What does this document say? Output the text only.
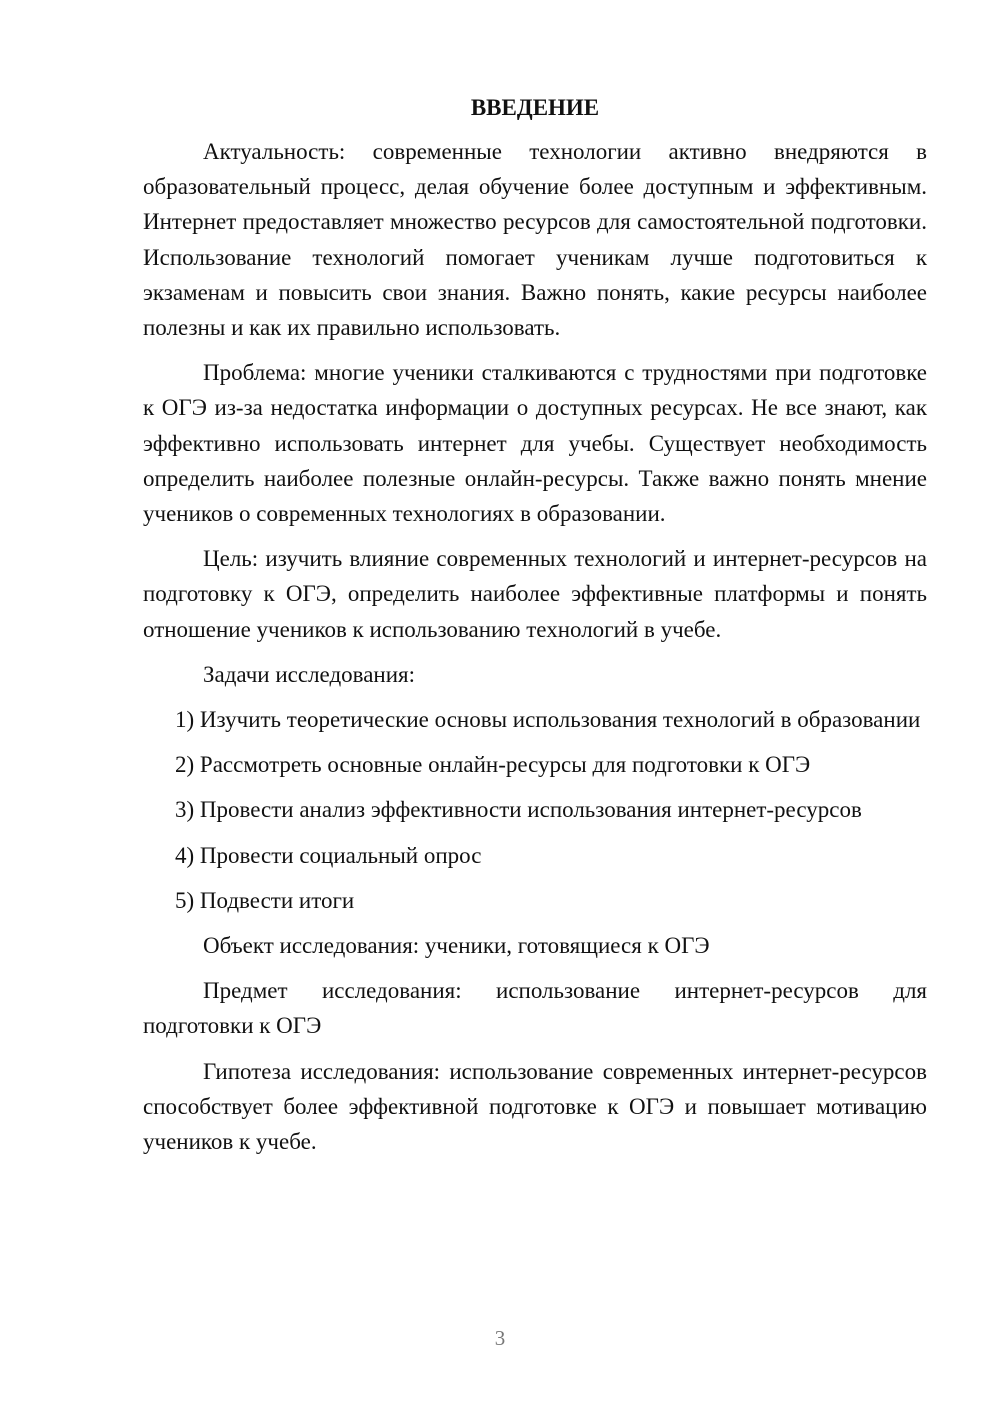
ВВЕДЕНИЕ

Актуальность: современные технологии активно внедряются в образовательный процесс, делая обучение более доступным и эффективным. Интернет предоставляет множество ресурсов для самостоятельной подготовки. Использование технологий помогает ученикам лучше подготовиться к экзаменам и повысить свои знания. Важно понять, какие ресурсы наиболее полезны и как их правильно использовать.

Проблема: многие ученики сталкиваются с трудностями при подготовке к ОГЭ из-за недостатка информации о доступных ресурсах. Не все знают, как эффективно использовать интернет для учебы. Существует необходимость определить наиболее полезные онлайн-ресурсы. Также важно понять мнение учеников о современных технологиях в образовании.

Цель: изучить влияние современных технологий и интернет-ресурсов на подготовку к ОГЭ, определить наиболее эффективные платформы и понять отношение учеников к использованию технологий в учебе.

Задачи исследования:

1) Изучить теоретические основы использования технологий в образовании

2) Рассмотреть основные онлайн-ресурсы для подготовки к ОГЭ

3) Провести анализ эффективности использования интернет-ресурсов

4) Провести социальный опрос

5) Подвести итоги

Объект исследования: ученики, готовящиеся к ОГЭ

Предмет исследования: использование интернет-ресурсов для подготовки к ОГЭ

Гипотеза исследования: использование современных интернет-ресурсов способствует более эффективной подготовке к ОГЭ и повышает мотивацию учеников к учебе.

3
